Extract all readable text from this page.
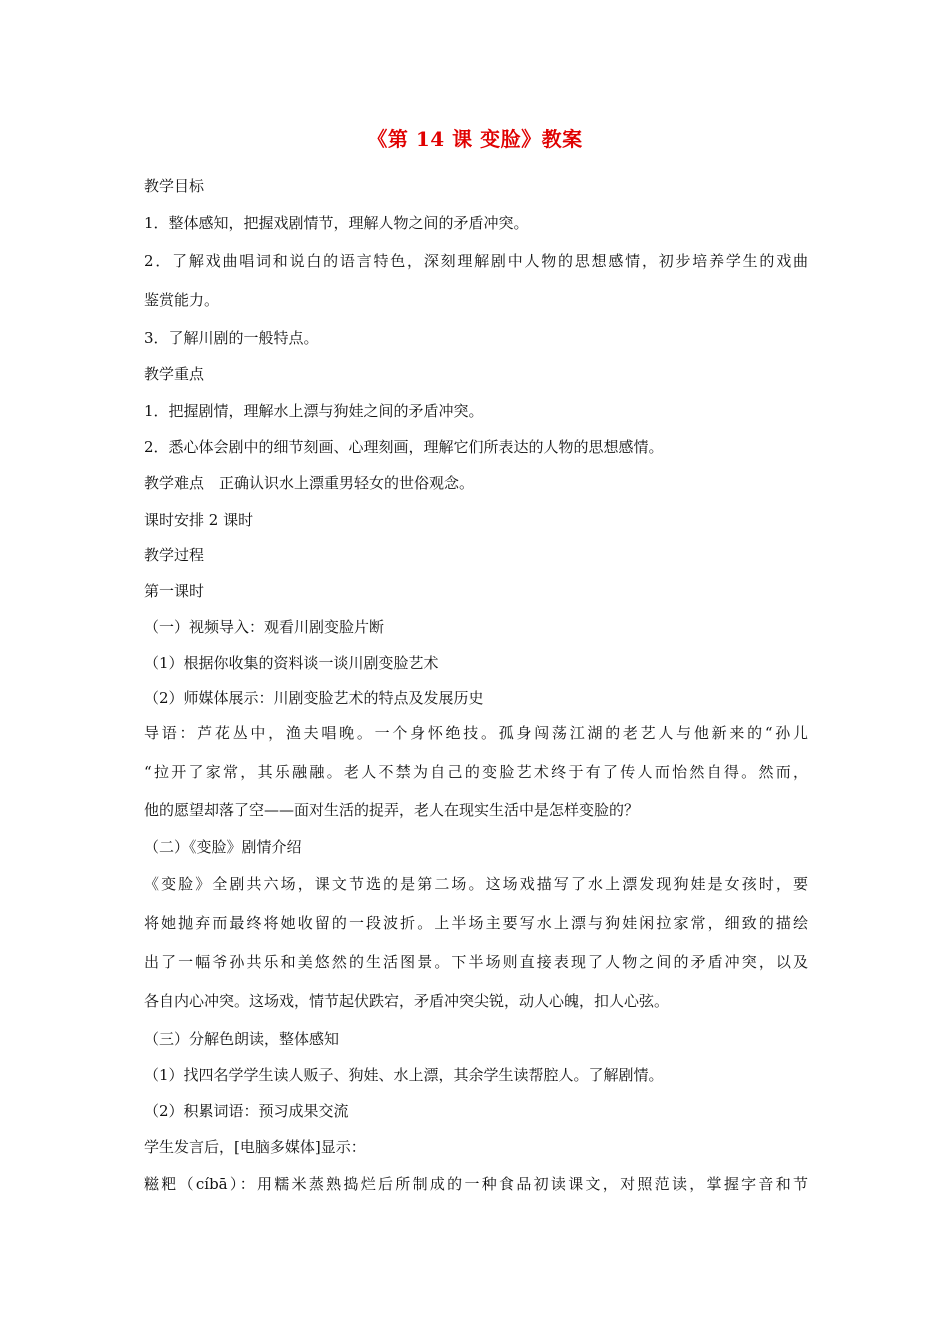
《第 14 课 变脸》教案
教学目标
1．整体感知，把握戏剧情节，理解人物之间的矛盾冲突。
2．了解戏曲唱词和说白的语言特色，深刻理解剧中人物的思想感情，初步培养学生的戏曲
鉴赏能力。
3．了解川剧的一般特点。
教学重点
1．把握剧情，理解水上漂与狗娃之间的矛盾冲突。
2．悉心体会剧中的细节刻画、心理刻画，理解它们所表达的人物的思想感情。
教学难点　正确认识水上漂重男轻女的世俗观念。
课时安排 2 课时
教学过程
第一课时
（一）视频导入：观看川剧变脸片断
（1）根据你收集的资料谈一谈川剧变脸艺术
（2）师媒体展示：川剧变脸艺术的特点及发展历史
导语：芦花丛中，渔夫唱晚。一个身怀绝技。孤身闯荡江湖的老艺人与他新来的“孙儿
“拉开了家常，其乐融融。老人不禁为自己的变脸艺术终于有了传人而怡然自得。然而，
他的愿望却落了空——面对生活的捉弄，老人在现实生活中是怎样变脸的？
（二）《变脸》剧情介绍
《变脸》全剧共六场，课文节选的是第二场。这场戏描写了水上漂发现狗娃是女孩时，要
将她抛弃而最终将她收留的一段波折。上半场主要写水上漂与狗娃闲拉家常，细致的描绘
出了一幅爷孙共乐和美悠然的生活图景。下半场则直接表现了人物之间的矛盾冲突，以及
各自内心冲突。这场戏，情节起伏跌宕，矛盾冲突尖锐，动人心魄，扣人心弦。
（三）分解色朗读，整体感知
（1）找四名学学生读人贩子、狗娃、水上漂，其余学生读帮腔人。了解剧情。
（2）积累词语：预习成果交流
学生发言后，[电脑多媒体]显示：
糍粑（cíbā）：用糯米蒸熟捣烂后所制成的一种食品初读课文，对照范读，掌握字音和节
